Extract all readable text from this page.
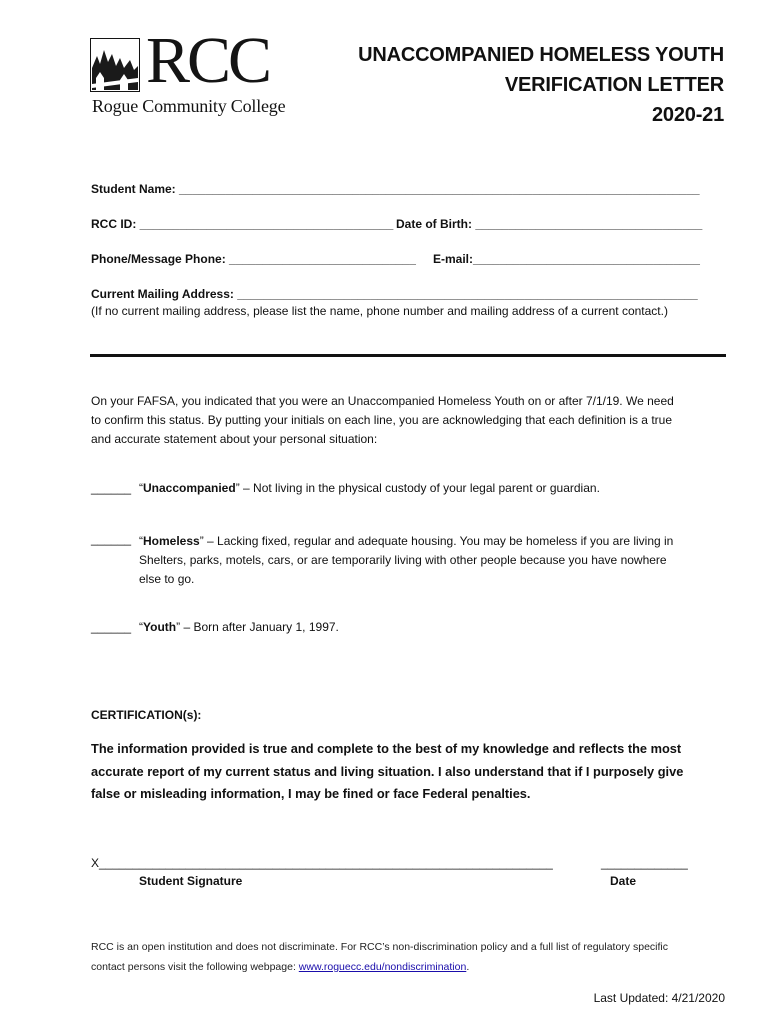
RCC
Rogue Community College
UNACCOMPANIED HOMELESS YOUTH
VERIFICATION LETTER
2020-21
Student Name: ______________________________________________________________________________
RCC ID: ______________________________________ Date of Birth: __________________________________
Phone/Message Phone: ____________________________ E-mail:__________________________________
Current Mailing Address: _____________________________________________________________________
(If no current mailing address, please list the name, phone number and mailing address of a current contact.)
On your FAFSA, you indicated that you were an Unaccompanied Homeless Youth on or after 7/1/19. We need
to confirm this status. By putting your initials on each line, you are acknowledging that each definition is a true
and accurate statement about your personal situation:
______ “Unaccompanied” – Not living in the physical custody of your legal parent or guardian.
______ “Homeless” – Lacking fixed, regular and adequate housing. You may be homeless if you are living in
Shelters, parks, motels, cars, or are temporarily living with other people because you have nowhere
else to go.
______ “Youth” – Born after January 1, 1997.
CERTIFICATION(s):
The information provided is true and complete to the best of my knowledge and reflects the most
accurate report of my current status and living situation. I also understand that if I purposely give
false or misleading information, I may be fined or face Federal penalties.
X____________________________________________________________________	_____________
Student Signature	Date
RCC is an open institution and does not discriminate. For RCC’s non-discrimination policy and a full list of regulatory specific
contact persons visit the following webpage: www.roguecc.edu/nondiscrimination.
Last Updated: 4/21/2020
